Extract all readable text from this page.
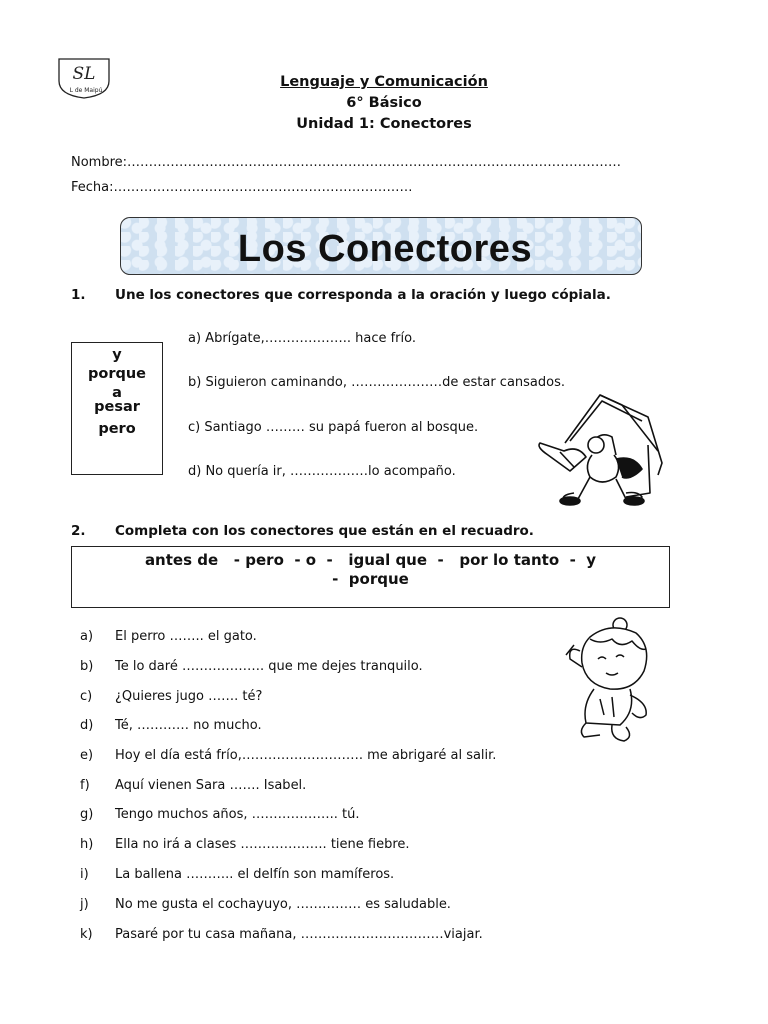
SL
L de Maipú
Lenguaje y Comunicación
6° Básico
Unidad 1: Conectores
Nombre:……………………………………………………………………………………………………
Fecha:……………………………………………………………
Los Conectores
1. Une los conectores que corresponda a la oración y luego cópiala.
y
porque
a
pesar
pero
a) Abrígate,……………….. hace frío.
b) Siguieron caminando, …………………de estar cansados.
c) Santiago ……… su papá fueron al bosque.
d) No quería ir, ………………lo acompaño.
2. Completa con los conectores que están en el recuadro.
antes de   - pero  - o  -   igual que  -   por lo tanto  -  y
-  porque
a) El perro …….. el gato.
b) Te lo daré ………………. que me dejes tranquilo.
c) ¿Quieres jugo ……. té?
d) Té, ………… no mucho.
e) Hoy el día está frío,………………………. me abrigaré al salir.
f) Aquí vienen Sara ……. Isabel.
g) Tengo muchos años, ……………….. tú.
h) Ella no irá a clases ……………….. tiene fiebre.
i) La ballena ……….. el delfín son mamíferos.
j) No me gusta el cochayuyo, …………… es saludable.
k) Pasaré por tu casa mañana, ……………………………viajar.
